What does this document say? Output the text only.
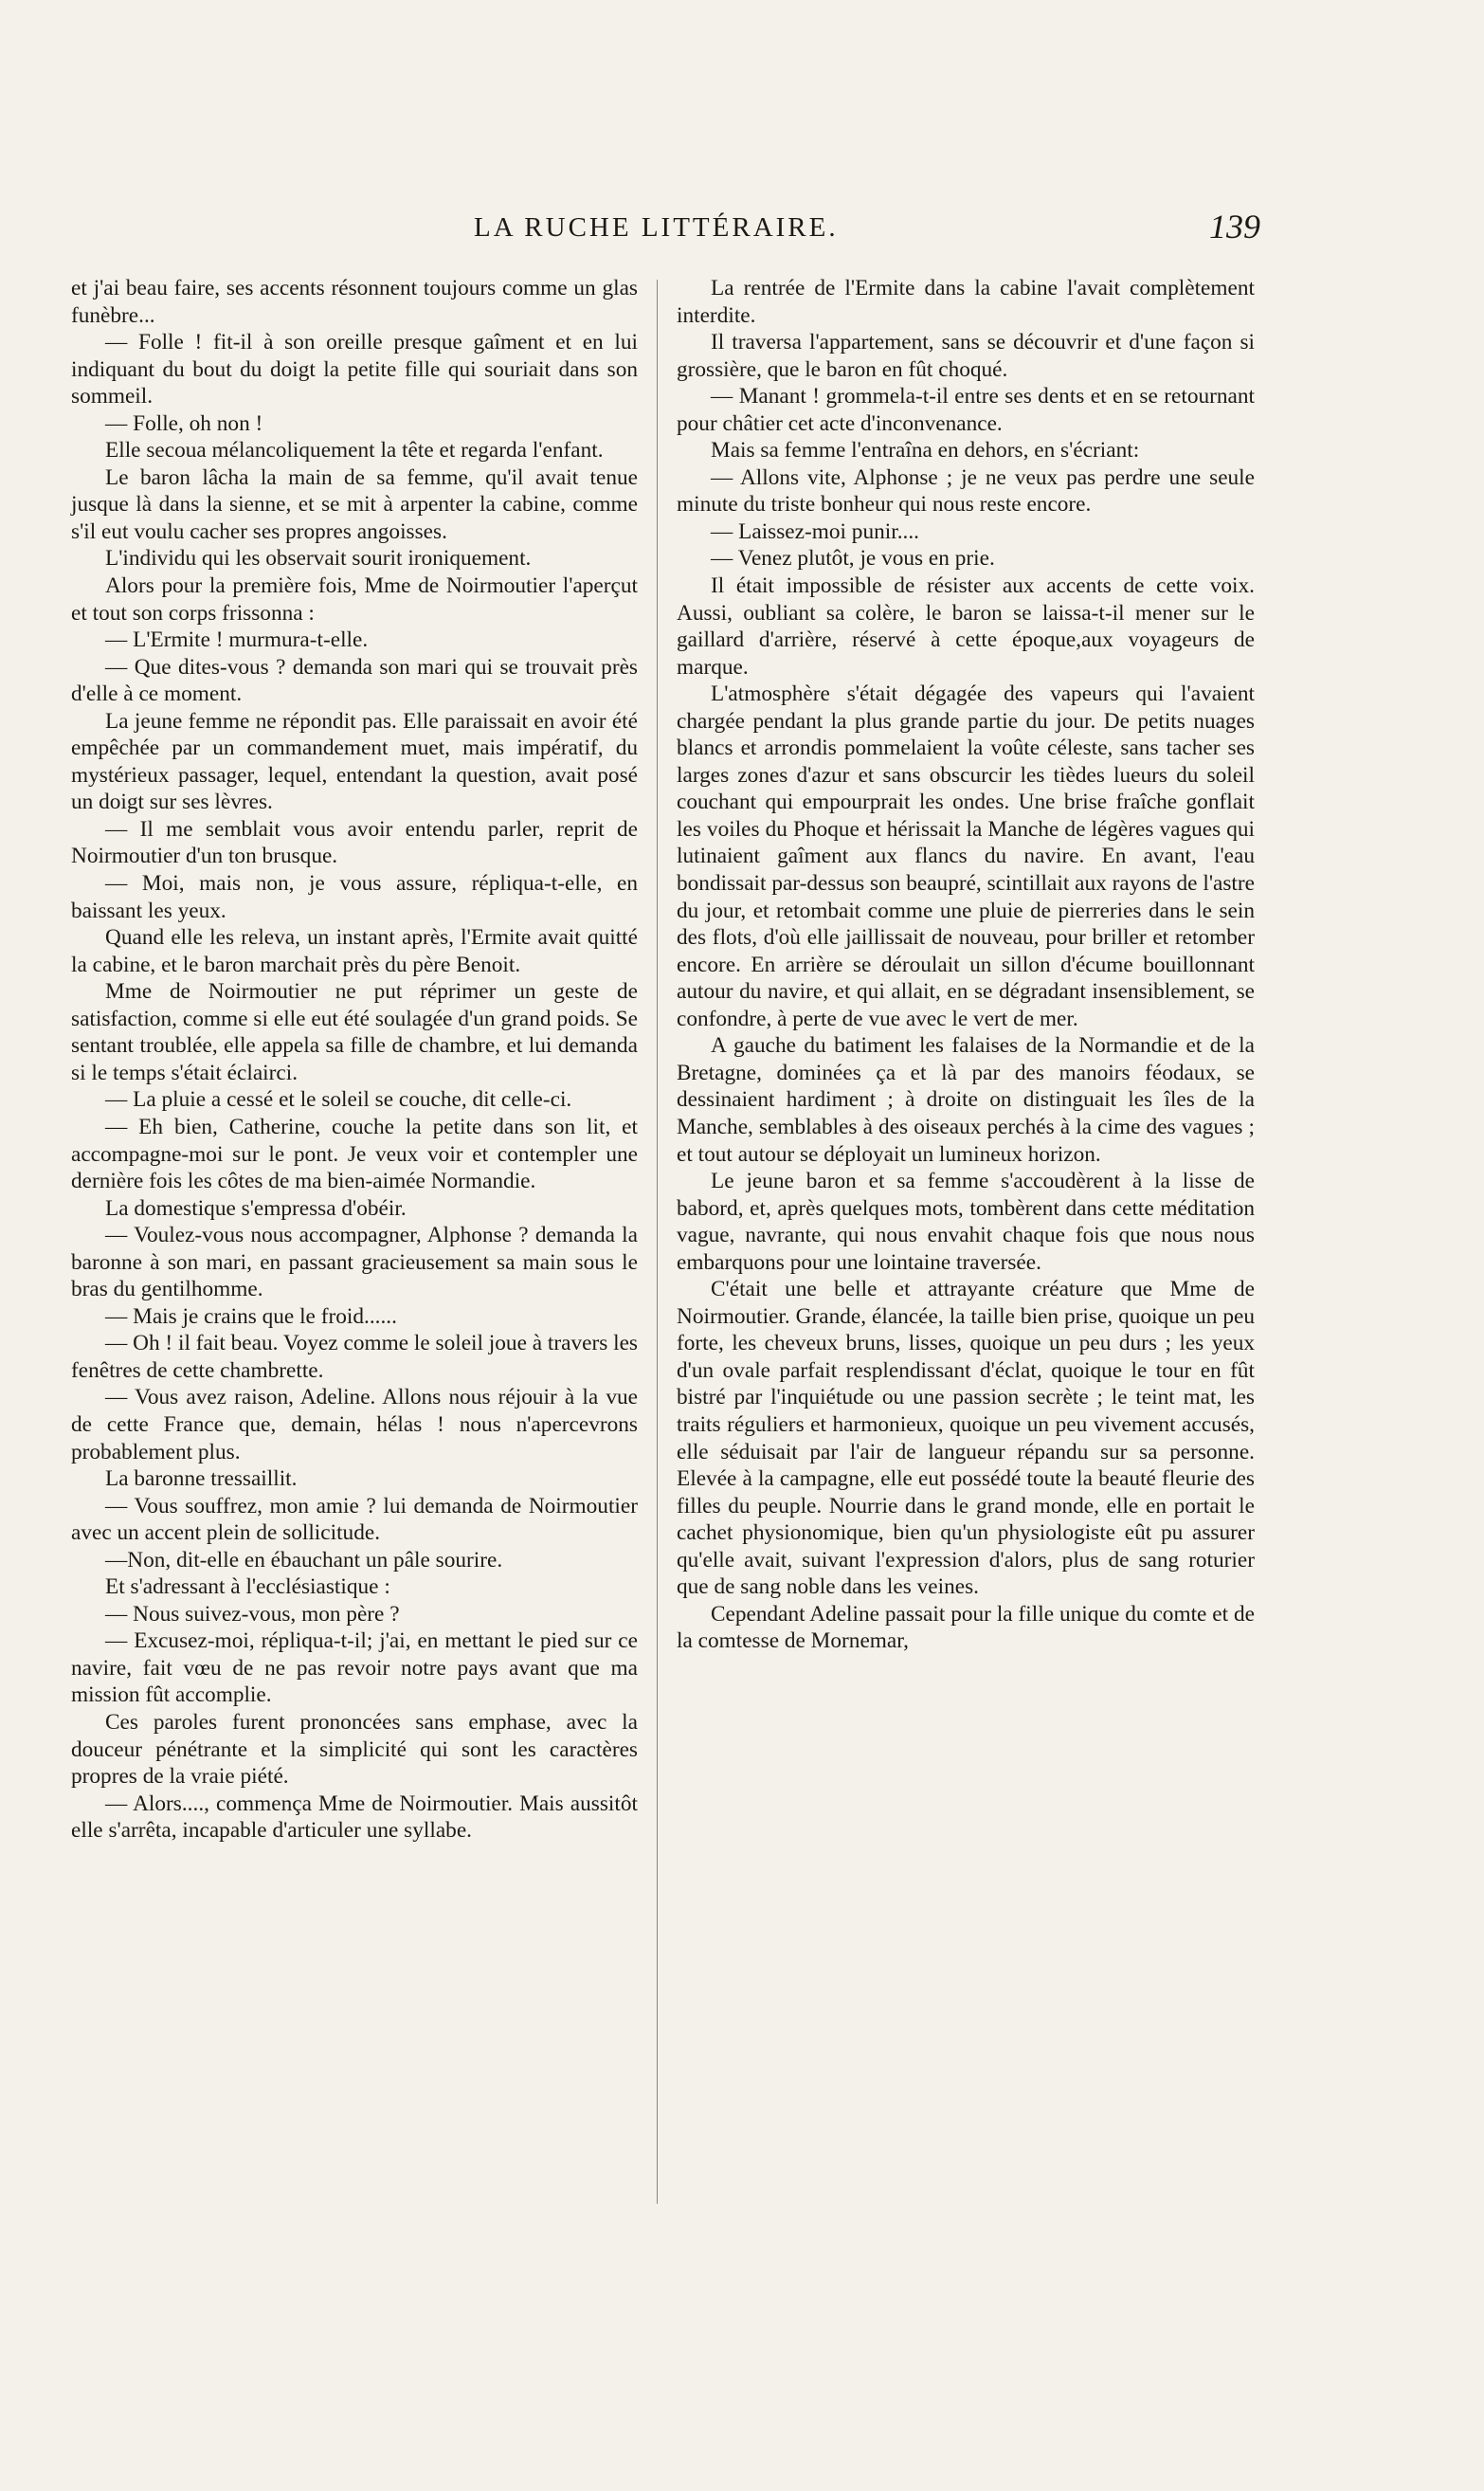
LA RUCHE LITTÉRAIRE.	139

et j'ai beau faire, ses accents résonnent toujours comme un glas funèbre...

— Folle ! fit-il à son oreille presque gaîment et en lui indiquant du bout du doigt la petite fille qui souriait dans son sommeil.

— Folle, oh non !

Elle secoua mélancoliquement la tête et regarda l'enfant.

Le baron lâcha la main de sa femme, qu'il avait tenue jusque là dans la sienne, et se mit à arpenter la cabine, comme s'il eut voulu cacher ses propres angoisses.

L'individu qui les observait sourit ironiquement.

Alors pour la première fois, Mme de Noirmoutier l'aperçut et tout son corps frissonna :

— L'Ermite ! murmura-t-elle.

— Que dites-vous ? demanda son mari qui se trouvait près d'elle à ce moment.

La jeune femme ne répondit pas. Elle paraissait en avoir été empêchée par un commandement muet, mais impératif, du mystérieux passager, lequel, entendant la question, avait posé un doigt sur ses lèvres.

— Il me semblait vous avoir entendu parler, reprit de Noirmoutier d'un ton brusque.

— Moi, mais non, je vous assure, répliqua-t-elle, en baissant les yeux.

Quand elle les releva, un instant après, l'Ermite avait quitté la cabine, et le baron marchait près du père Benoit.

Mme de Noirmoutier ne put réprimer un geste de satisfaction, comme si elle eut été soulagée d'un grand poids. Se sentant troublée, elle appela sa fille de chambre, et lui demanda si le temps s'était éclairci.

— La pluie a cessé et le soleil se couche, dit celle-ci.

— Eh bien, Catherine, couche la petite dans son lit, et accompagne-moi sur le pont. Je veux voir et contempler une dernière fois les côtes de ma bien-aimée Normandie.

La domestique s'empressa d'obéir.

— Voulez-vous nous accompagner, Alphonse ? demanda la baronne à son mari, en passant gracieusement sa main sous le bras du gentilhomme.

— Mais je crains que le froid......

— Oh ! il fait beau. Voyez comme le soleil joue à travers les fenêtres de cette chambrette.

— Vous avez raison, Adeline. Allons nous réjouir à la vue de cette France que, demain, hélas ! nous n'apercevrons probablement plus.

La baronne tressaillit.

— Vous souffrez, mon amie ? lui demanda de Noirmoutier avec un accent plein de sollicitude.

—Non, dit-elle en ébauchant un pâle sourire.

Et s'adressant à l'ecclésiastique :

— Nous suivez-vous, mon père ?

— Excusez-moi, répliqua-t-il; j'ai, en mettant le pied sur ce navire, fait vœu de ne pas revoir notre pays avant que ma mission fût accomplie.

Ces paroles furent prononcées sans emphase, avec la douceur pénétrante et la simplicité qui sont les caractères propres de la vraie piété.

— Alors...., commença Mme de Noirmoutier. Mais aussitôt elle s'arrêta, incapable d'articuler une syllabe.

La rentrée de l'Ermite dans la cabine l'avait complètement interdite.

Il traversa l'appartement, sans se découvrir et d'une façon si grossière, que le baron en fût choqué.

— Manant ! grommela-t-il entre ses dents et en se retournant pour châtier cet acte d'inconvenance.

Mais sa femme l'entraîna en dehors, en s'écriant:

— Allons vite, Alphonse ; je ne veux pas perdre une seule minute du triste bonheur qui nous reste encore.

— Laissez-moi punir....

— Venez plutôt, je vous en prie.

Il était impossible de résister aux accents de cette voix. Aussi, oubliant sa colère, le baron se laissa-t-il mener sur le gaillard d'arrière, réservé à cette époque,aux voyageurs de marque.

L'atmosphère s'était dégagée des vapeurs qui l'avaient chargée pendant la plus grande partie du jour. De petits nuages blancs et arrondis pommelaient la voûte céleste, sans tacher ses larges zones d'azur et sans obscurcir les tièdes lueurs du soleil couchant qui empourprait les ondes. Une brise fraîche gonflait les voiles du Phoque et hérissait la Manche de légères vagues qui lutinaient gaîment aux flancs du navire. En avant, l'eau bondissait par-dessus son beaupré, scintillait aux rayons de l'astre du jour, et retombait comme une pluie de pierreries dans le sein des flots, d'où elle jaillissait de nouveau, pour briller et retomber encore. En arrière se déroulait un sillon d'écume bouillonnant autour du navire, et qui allait, en se dégradant insensiblement, se confondre, à perte de vue avec le vert de mer.

A gauche du batiment les falaises de la Normandie et de la Bretagne, dominées ça et là par des manoirs féodaux, se dessinaient hardiment ; à droite on distinguait les îles de la Manche, semblables à des oiseaux perchés à la cime des vagues ; et tout autour se déployait un lumineux horizon.

Le jeune baron et sa femme s'accoudèrent à la lisse de babord, et, après quelques mots, tombèrent dans cette méditation vague, navrante, qui nous envahit chaque fois que nous nous embarquons pour une lointaine traversée.

C'était une belle et attrayante créature que Mme de Noirmoutier. Grande, élancée, la taille bien prise, quoique un peu forte, les cheveux bruns, lisses, quoique un peu durs ; les yeux d'un ovale parfait resplendissant d'éclat, quoique le tour en fût bistré par l'inquiétude ou une passion secrète ; le teint mat, les traits réguliers et harmonieux, quoique un peu vivement accusés, elle séduisait par l'air de langueur répandu sur sa personne. Elevée à la campagne, elle eut possédé toute la beauté fleurie des filles du peuple. Nourrie dans le grand monde, elle en portait le cachet physionomique, bien qu'un physiologiste eût pu assurer qu'elle avait, suivant l'expression d'alors, plus de sang roturier que de sang noble dans les veines.

Cependant Adeline passait pour la fille unique du comte et de la comtesse de Mornemar,
